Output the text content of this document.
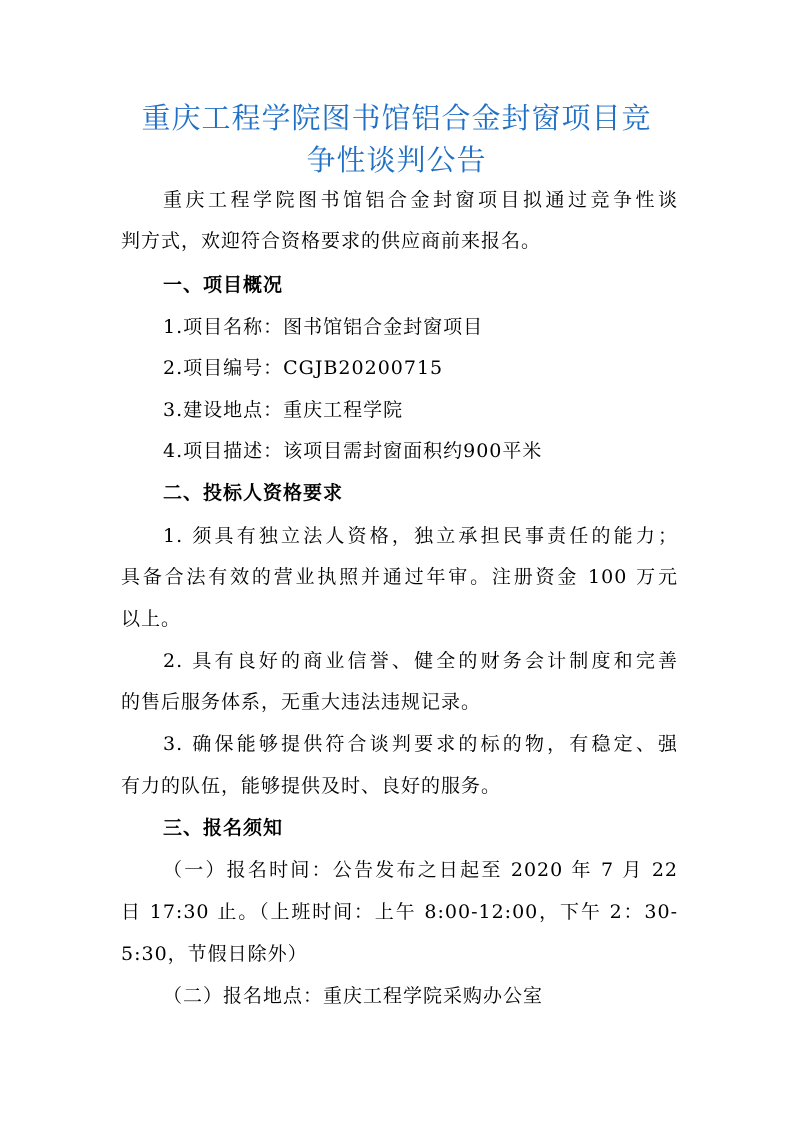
重庆工程学院图书馆铝合金封窗项目竞
争性谈判公告
重庆工程学院图书馆铝合金封窗项目拟通过竞争性谈
判方式，欢迎符合资格要求的供应商前来报名。
一、项目概况
1.项目名称：图书馆铝合金封窗项目
2.项目编号：CGJB20200715
3.建设地点：重庆工程学院
4.项目描述：该项目需封窗面积约900平米
二、投标人资格要求
1. 须具有独立法人资格，独立承担民事责任的能力；
具备合法有效的营业执照并通过年审。注册资金 100 万元
以上。
2. 具有良好的商业信誉、健全的财务会计制度和完善
的售后服务体系，无重大违法违规记录。
3. 确保能够提供符合谈判要求的标的物，有稳定、强
有力的队伍，能够提供及时、良好的服务。
三、报名须知
（一）报名时间：公告发布之日起至 2020 年 7 月 22
日 17:30 止。（上班时间：上午 8:00-12:00，下午 2：30-
5:30，节假日除外）
（二）报名地点：重庆工程学院采购办公室
